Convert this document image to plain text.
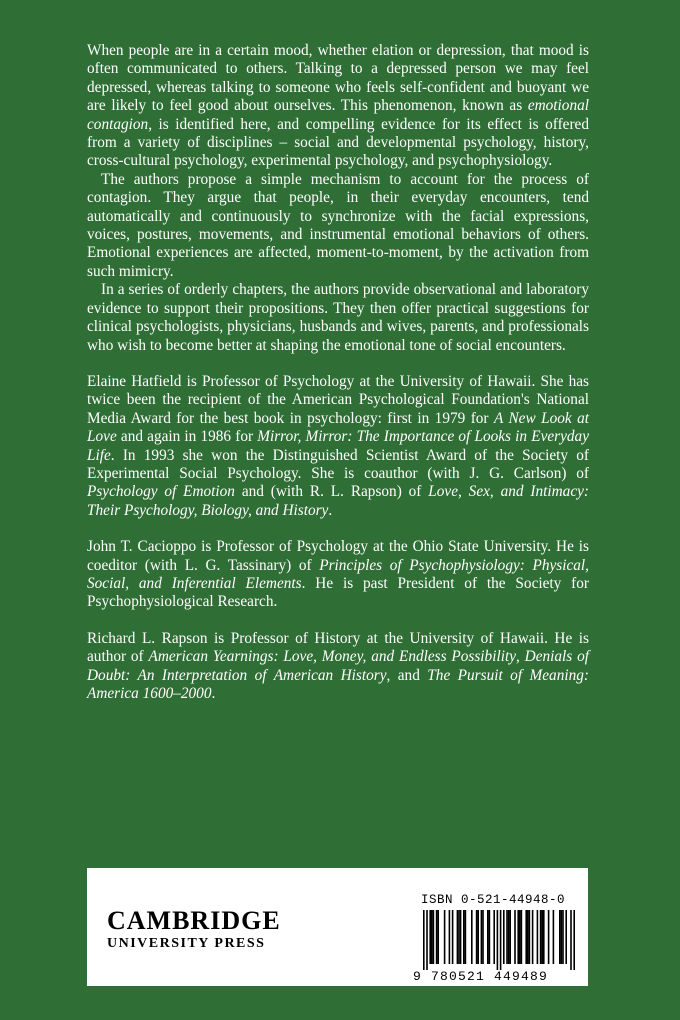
When people are in a certain mood, whether elation or depression, that mood is often communicated to others. Talking to a depressed person we may feel depressed, whereas talking to someone who feels self-confident and buoyant we are likely to feel good about ourselves. This phenomenon, known as emotional contagion, is identified here, and compelling evidence for its effect is offered from a variety of disciplines – social and developmental psychology, history, cross-cultural psychology, experimental psychology, and psychophysiology.

The authors propose a simple mechanism to account for the process of contagion. They argue that people, in their everyday encounters, tend automatically and continuously to synchronize with the facial expressions, voices, postures, movements, and instrumental emotional behaviors of others. Emotional experiences are affected, moment-to-moment, by the activation from such mimicry.

In a series of orderly chapters, the authors provide observational and laboratory evidence to support their propositions. They then offer practical suggestions for clinical psychologists, physicians, husbands and wives, parents, and professionals who wish to become better at shaping the emotional tone of social encounters.

Elaine Hatfield is Professor of Psychology at the University of Hawaii. She has twice been the recipient of the American Psychological Foundation's National Media Award for the best book in psychology: first in 1979 for A New Look at Love and again in 1986 for Mirror, Mirror: The Importance of Looks in Everyday Life. In 1993 she won the Distinguished Scientist Award of the Society of Experimental Social Psychology. She is coauthor (with J. G. Carlson) of Psychology of Emotion and (with R. L. Rapson) of Love, Sex, and Intimacy: Their Psychology, Biology, and History.

John T. Cacioppo is Professor of Psychology at the Ohio State University. He is coeditor (with L. G. Tassinary) of Principles of Psychophysiology: Physical, Social, and Inferential Elements. He is past President of the Society for Psychophysiological Research.

Richard L. Rapson is Professor of History at the University of Hawaii. He is author of American Yearnings: Love, Money, and Endless Possibility, Denials of Doubt: An Interpretation of American History, and The Pursuit of Meaning: America 1600–2000.

CAMBRIDGE
UNIVERSITY PRESS
ISBN 0-521-44948-0
9 780521 449489
